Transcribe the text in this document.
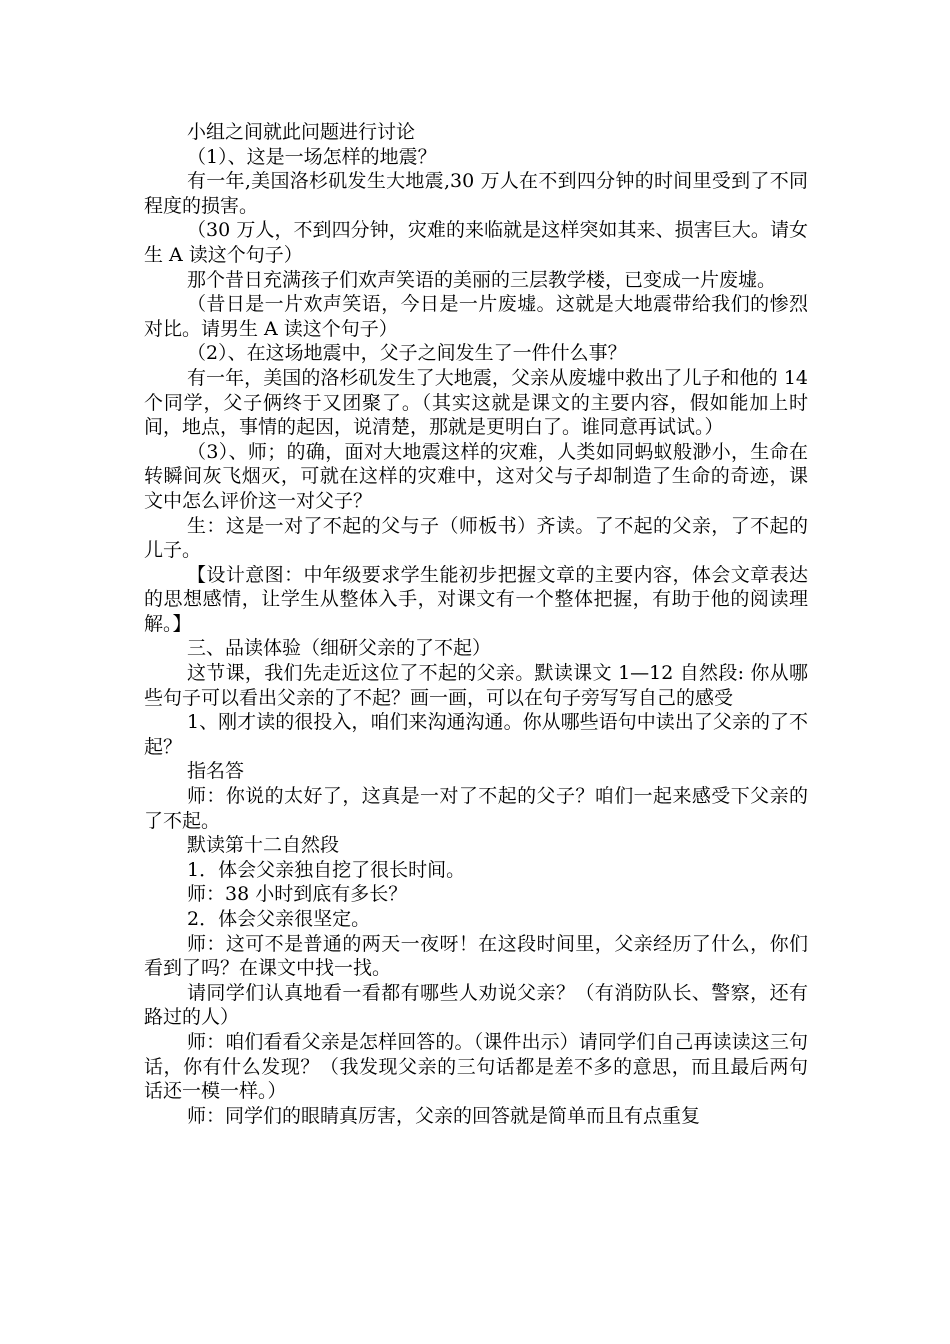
小组之间就此问题进行讨论

（1）、这是一场怎样的地震？

有一年,美国洛杉矶发生大地震,30 万人在不到四分钟的时间里受到了不同程度的损害。

（30 万人，不到四分钟，灾难的来临就是这样突如其来、损害巨大。请女生 A 读这个句子）

那个昔日充满孩子们欢声笑语的美丽的三层教学楼，已变成一片废墟。

（昔日是一片欢声笑语，今日是一片废墟。这就是大地震带给我们的惨烈对比。请男生 A 读这个句子）

（2）、在这场地震中，父子之间发生了一件什么事？

有一年，美国的洛杉矶发生了大地震，父亲从废墟中救出了儿子和他的 14 个同学，父子俩终于又团聚了。（其实这就是课文的主要内容，假如能加上时间，地点，事情的起因，说清楚，那就是更明白了。谁同意再试试。）

（3）、师；的确，面对大地震这样的灾难，人类如同蚂蚁般渺小，生命在转瞬间灰飞烟灭，可就在这样的灾难中，这对父与子却制造了生命的奇迹，课文中怎么评价这一对父子？

生：这是一对了不起的父与子（师板书）齐读。了不起的父亲，了不起的儿子。

【设计意图：中年级要求学生能初步把握文章的主要内容，体会文章表达的思想感情，让学生从整体入手，对课文有一个整体把握，有助于他的阅读理解。】

三、品读体验（细研父亲的了不起）

这节课，我们先走近这位了不起的父亲。默读课文 1—12 自然段: 你从哪些句子可以看出父亲的了不起？画一画，可以在句子旁写写自己的感受

1、刚才读的很投入，咱们来沟通沟通。你从哪些语句中读出了父亲的了不起？

指名答

师：你说的太好了，这真是一对了不起的父子？咱们一起来感受下父亲的了不起。

默读第十二自然段

1．体会父亲独自挖了很长时间。

师：38 小时到底有多长？

2．体会父亲很坚定。

师：这可不是普通的两天一夜呀！在这段时间里，父亲经历了什么，你们看到了吗？在课文中找一找。

请同学们认真地看一看都有哪些人劝说父亲？（有消防队长、警察，还有路过的人）

师：咱们看看父亲是怎样回答的。（课件出示）请同学们自己再读读这三句话，你有什么发现？（我发现父亲的三句话都是差不多的意思，而且最后两句话还一模一样。）

师：同学们的眼睛真厉害，父亲的回答就是简单而且有点重复
